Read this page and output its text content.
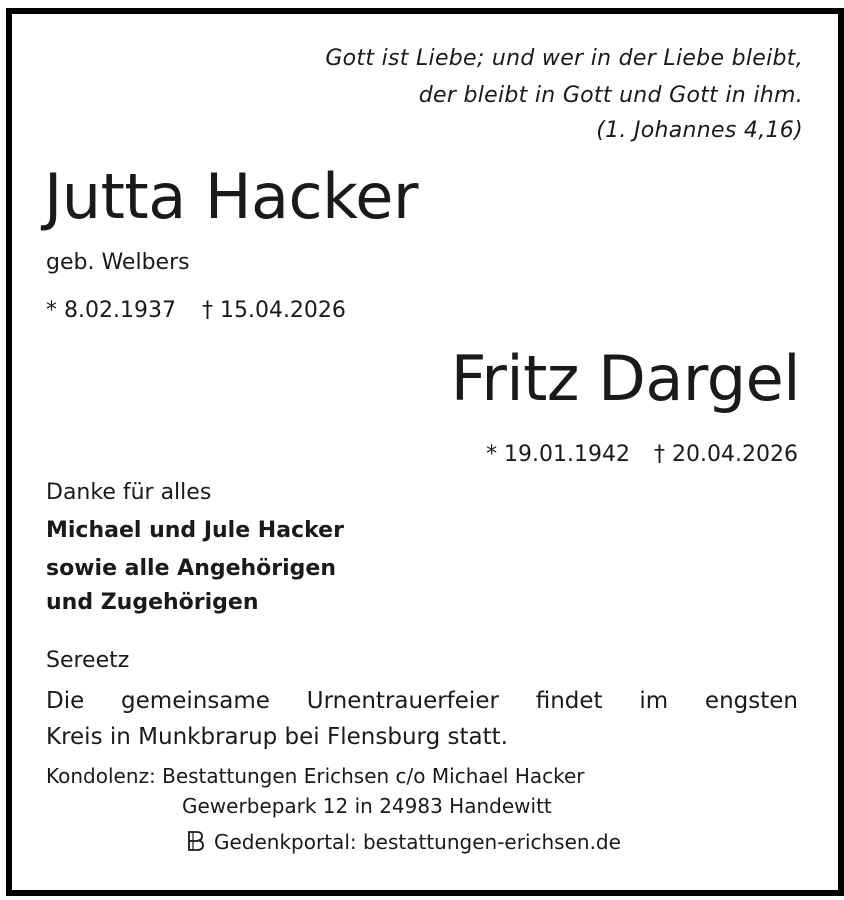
Gott ist Liebe; und wer in der Liebe bleibt,
der bleibt in Gott und Gott in ihm.
(1. Johannes 4,16)
Jutta Hacker
geb. Welbers
* 8.02.1937 † 15.04.2026
Fritz Dargel
* 19.01.1942 † 20.04.2026
Danke für alles
Michael und Jule Hacker
sowie alle Angehörigen
und Zugehörigen
Sereetz
Die gemeinsame Urnentrauerfeier findet im engsten
Kreis in Munkbrarup bei Flensburg statt.
Kondolenz: Bestattungen Erichsen c/o Michael Hacker
Gewerbepark 12 in 24983 Handewitt
Gedenkportal: bestattungen-erichsen.de
